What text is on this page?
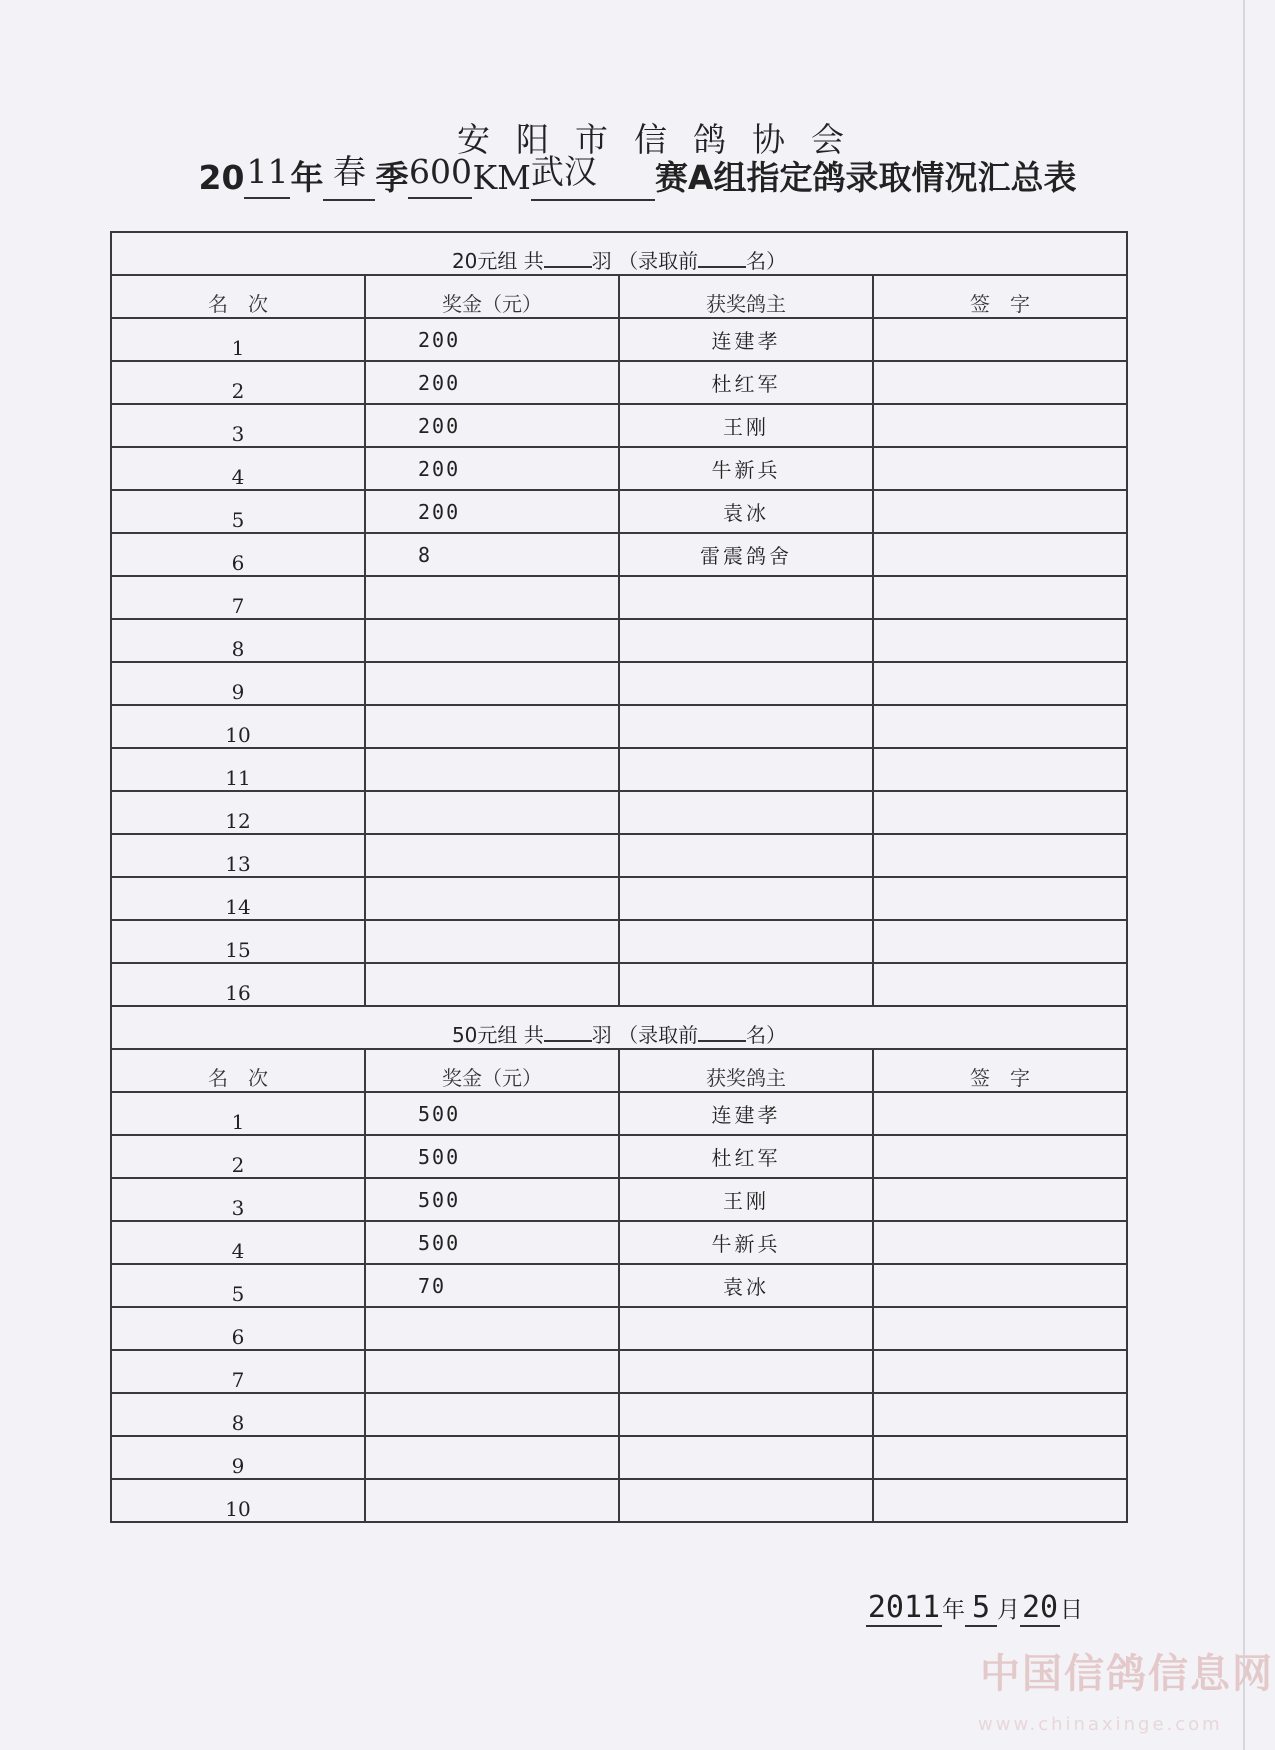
安阳市信鸽协会
2011年 春 季600KM武汉 赛A组指定鸽录取情况汇总表
20元组 共 羽 （录取前 名）			
名　次	奖金（元）	获奖鸽主	签　字
1	200	连建孝	
2	200	杜红军	
3	200	王刚	
4	200	牛新兵	
5	200	袁冰	
6	8	雷震鸽舍	
7			
8			
9			
10			
11			
12			
13			
14			
15			
16			
50元组 共 羽 （录取前 名）			
名　次	奖金（元）	获奖鸽主	签　字
1	500	连建孝	
2	500	杜红军	
3	500	王刚	
4	500	牛新兵	
5	70	袁冰	
6			
7			
8			
9			
10			
2011年 5 月20日
中国信鸽信息网
www.chinaxinge.com
